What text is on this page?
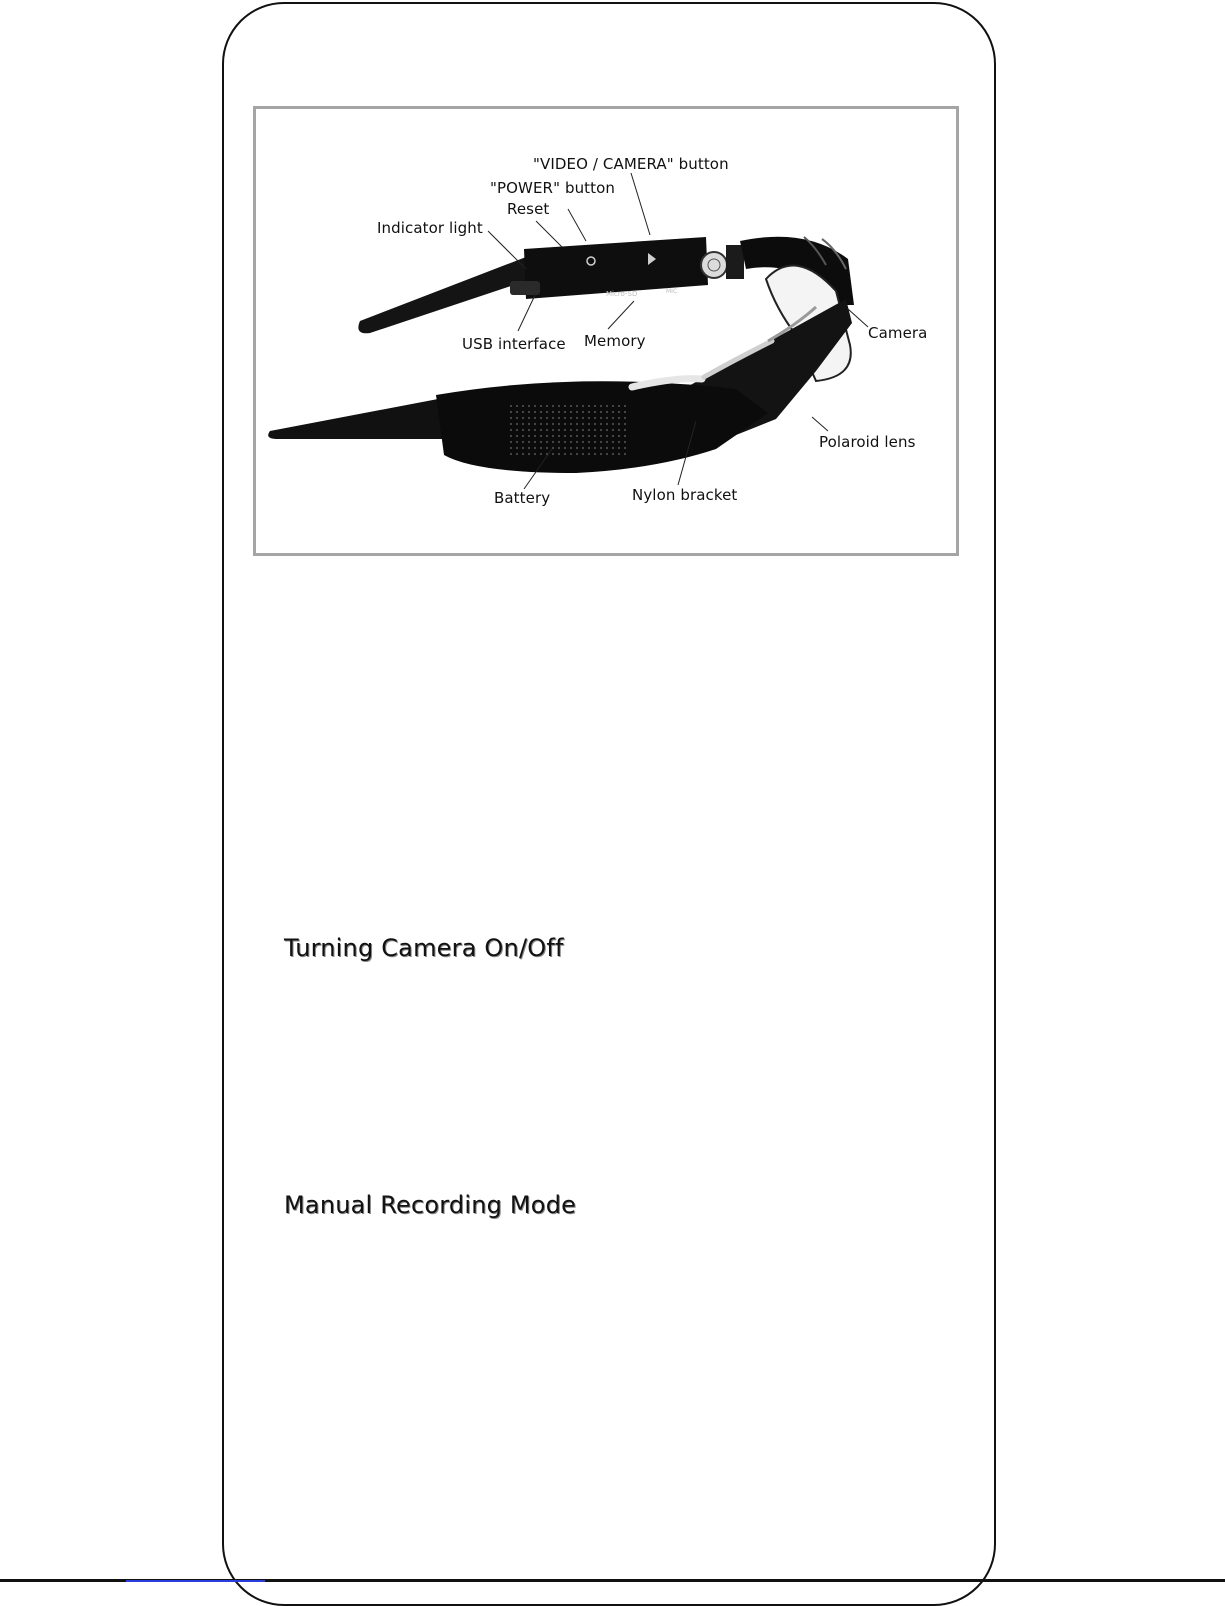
Micro-SD	MIC
"VIDEO / CAMERA" button
"POWER" button
Reset
Indicator light
USB interface Memory	Camera
Polaroid lens
Battery	Nylon bracket
Turning Camera On/Off
Manual Recording Mode
